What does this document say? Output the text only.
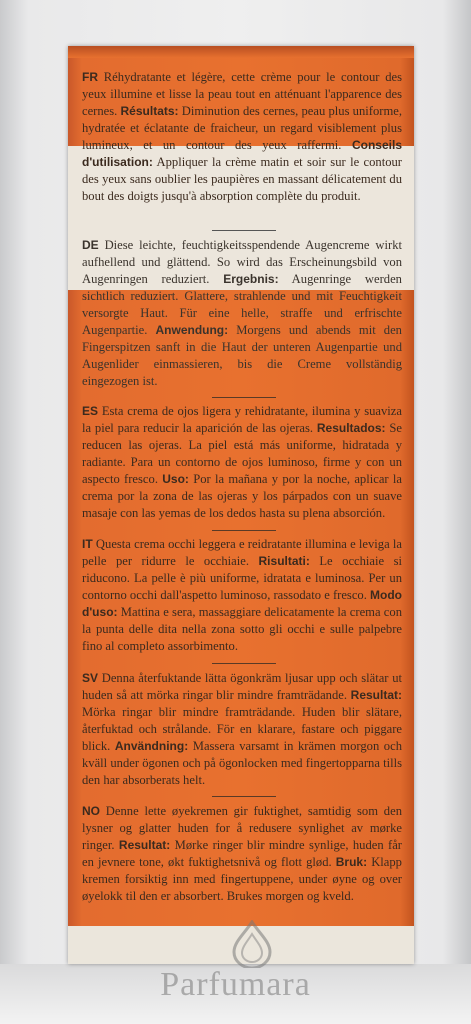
FR Réhydratante et légère, cette crème pour le contour des yeux illumine et lisse la peau tout en atténuant l'apparence des cernes. Résultats: Diminution des cernes, peau plus uniforme, hydratée et éclatante de fraicheur, un regard visiblement plus lumineux, et un contour des yeux raffermi. Conseils d'utilisation: Appliquer la crème matin et soir sur le contour des yeux sans oublier les paupières en massant délicatement du bout des doigts jusqu'à absorption complète du produit.

DE Diese leichte, feuchtigkeitsspendende Augencreme wirkt aufhellend und glättend. So wird das Erscheinungsbild von Augenringen reduziert. Ergebnis: Augenringe werden sichtlich reduziert. Glattere, strahlende und mit Feuchtigkeit versorgte Haut. Für eine helle, straffe und erfrischte Augenpartie. Anwendung: Morgens und abends mit den Fingerspitzen sanft in die Haut der unteren Augenpartie und Augenlider einmassieren, bis die Creme vollständig eingezogen ist.

ES Esta crema de ojos ligera y rehidratante, ilumina y suaviza la piel para reducir la aparición de las ojeras. Resultados: Se reducen las ojeras. La piel está más uniforme, hidratada y radiante. Para un contorno de ojos luminoso, firme y con un aspecto fresco. Uso: Por la mañana y por la noche, aplicar la crema por la zona de las ojeras y los párpados con un suave masaje con las yemas de los dedos hasta su plena absorción.

IT Questa crema occhi leggera e reidratante illumina e leviga la pelle per ridurre le occhiaie. Risultati: Le occhiaie si riducono. La pelle è più uniforme, idratata e luminosa. Per un contorno occhi dall'aspetto luminoso, rassodato e fresco. Modo d'uso: Mattina e sera, massaggiare delicatamente la crema con la punta delle dita nella zona sotto gli occhi e sulle palpebre fino al completo assorbimento.

SV Denna återfuktande lätta ögonkräm ljusar upp och slätar ut huden så att mörka ringar blir mindre framträdande. Resultat: Mörka ringar blir mindre framträdande. Huden blir slätare, återfuktad och strålande. För en klarare, fastare och piggare blick. Användning: Massera varsamt in krämen morgon och kväll under ögonen och på ögonlocken med fingertopparna tills den har absorberats helt.

NO Denne lette øyekremen gir fuktighet, samtidig som den lysner og glatter huden for å redusere synlighet av mørke ringer. Resultat: Mørke ringer blir mindre synlige, huden får en jevnere tone, økt fuktighetsnivå og flott glød. Bruk: Klapp kremen forsiktig inn med fingertuppene, under øyne og over øyelokk til den er absorbert. Brukes morgen og kveld.

Parfumara
